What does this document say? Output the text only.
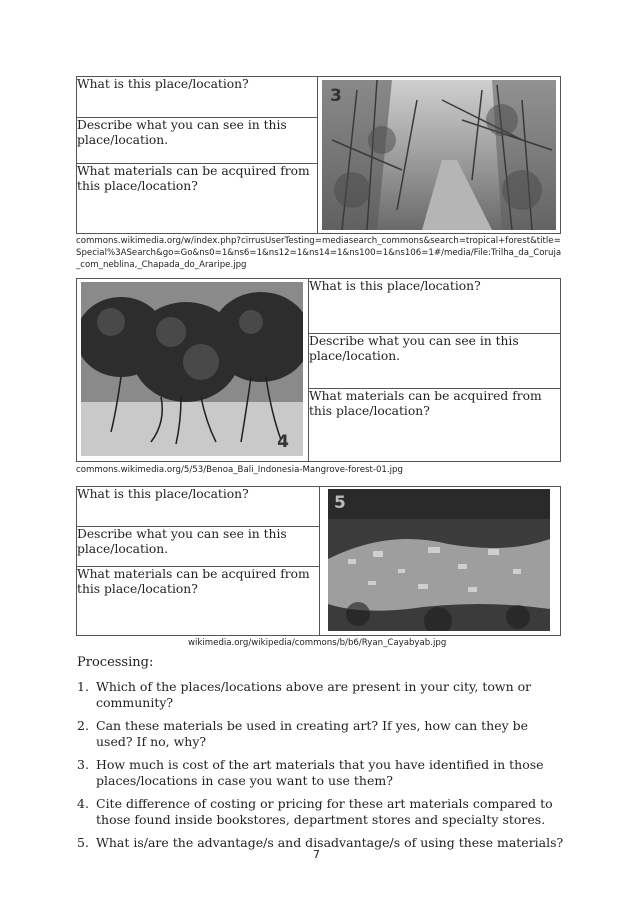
What is this place/location?	
3

Describe what you can see in this place/location.
What materials can be acquired from this place/location?
commons.wikimedia.org/w/index.php?cirrusUserTesting=mediasearch_commons&search=tropical+forest&title=Special%3ASearch&go=Go&ns0=1&ns6=1&ns12=1&ns14=1&ns100=1&ns106=1#/media/File:Trilha_da_Coruja_com_neblina,_Chapada_do_Araripe.jpg
4
	What is this place/location?
Describe what you can see in this place/location.
What materials can be acquired from this place/location?
commons.wikimedia.org/5/53/Benoa_Bali_Indonesia-Mangrove-forest-01.jpg
What is this place/location?	5

Describe what you can see in this place/location.
What materials can be acquired from this place/location?
wikimedia.org/wikipedia/commons/b/b6/Ryan_Cayabyab.jpg
Processing:
1. Which of the places/locations above are present in your city, town or community?
2. Can these materials be used in creating art? If yes, how can they be used? If no, why?
3. How much is cost of the art materials that you have identified in those places/locations in case you want to use them?
4. Cite difference of costing or pricing for these art materials compared to those found inside bookstores, department stores and specialty stores.
5. What is/are the advantage/s and disadvantage/s of using these materials?
7
